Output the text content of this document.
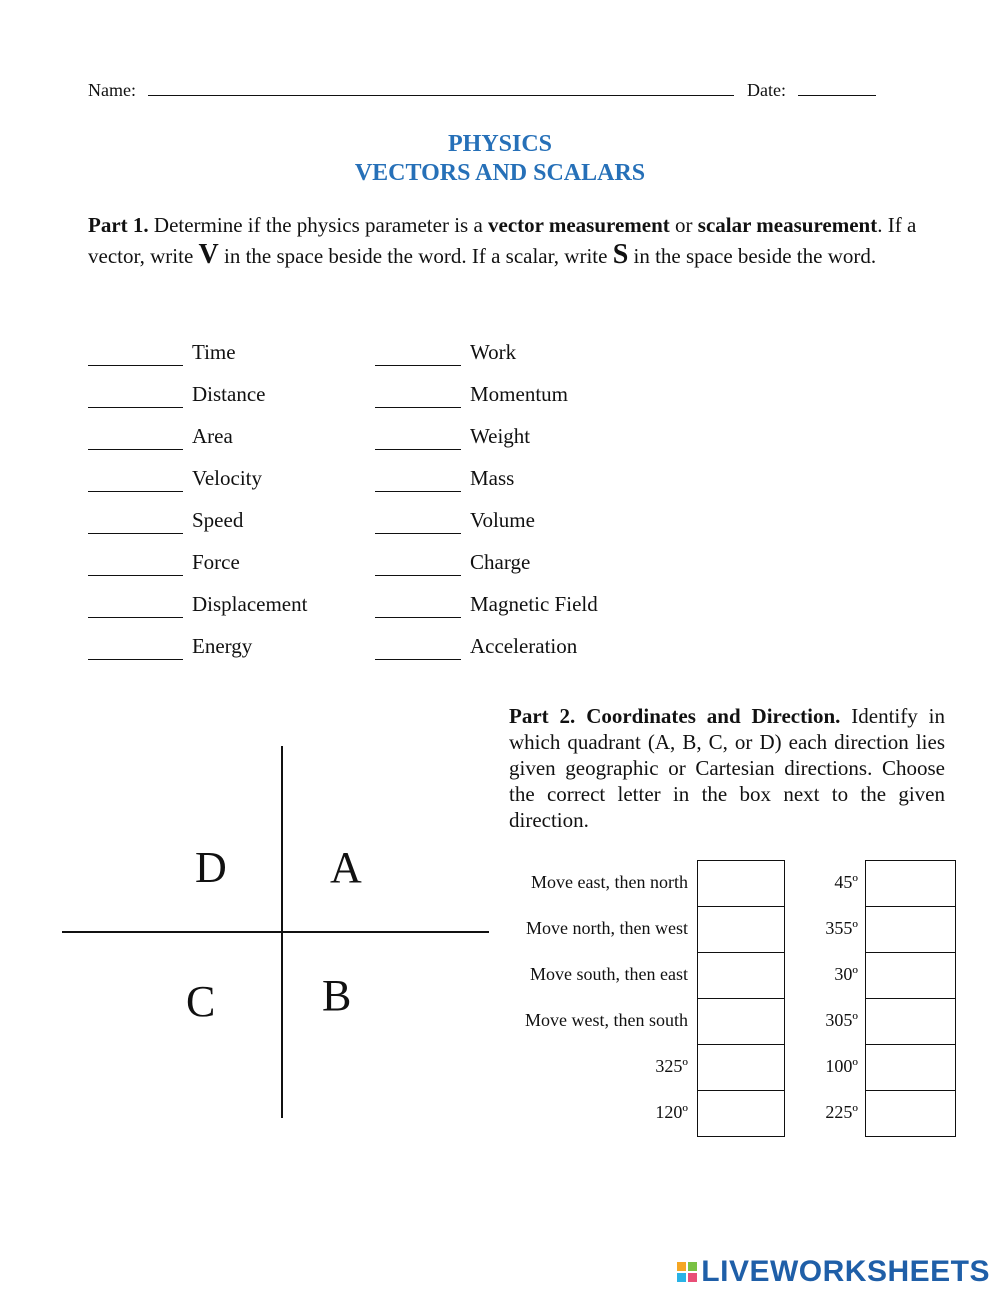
Name:	Date:
PHYSICS
VECTORS AND SCALARS
Part 1. Determine if the physics parameter is a vector measurement or scalar measurement. If a vector, write V in the space beside the word. If a scalar, write S in the space beside the word.
Time
Distance
Area
Velocity
Speed
Force
Displacement
Energy
Work
Momentum
Weight
Mass
Volume
Charge
Magnetic Field
Acceleration
Part 2. Coordinates and Direction. Identify in which quadrant (A, B, C, or D) each direction lies given geographic or Cartesian directions. Choose the correct letter in the box next to the given direction.
D A
C B
Move east, then north
Move north, then west
Move south, then east
Move west, then south
325º
120º
45º
355º
30º
305º
100º
225º
LIVEWORKSHEETS
